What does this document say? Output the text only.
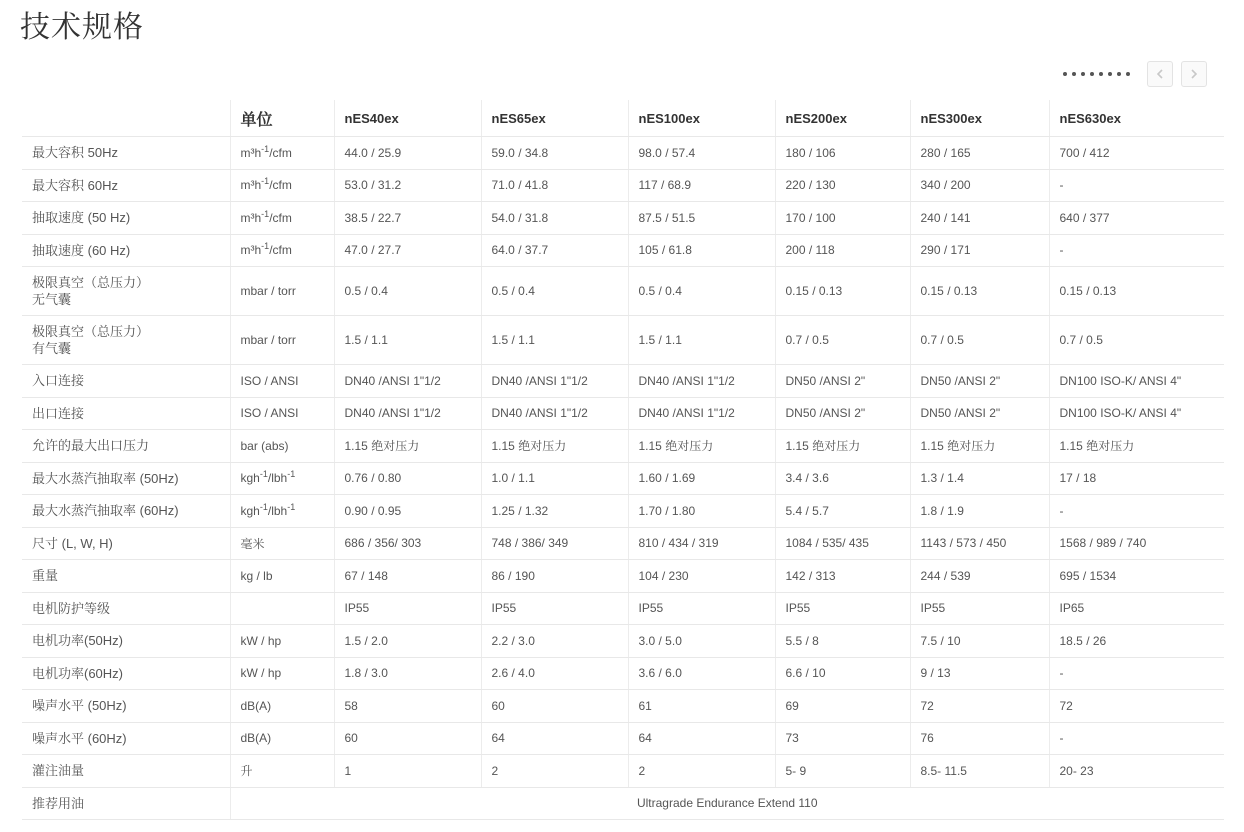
技术规格
	单位	nES40ex	nES65ex	nES100ex	nES200ex	nES300ex	nES630ex
最大容积 50Hz	$m^3h^{-1}$/cfm	44.0 / 25.9	59.0 / 34.8	98.0 / 57.4	180 / 106	280 / 165	700 / 412
最大容积 60Hz	$m^3h^{-1}$/cfm	53.0 / 31.2	71.0 / 41.8	117 / 68.9	220 / 130	340 / 200	-
抽取速度 (50 Hz)	$m^3h^{-1}$/cfm	38.5 / 22.7	54.0 / 31.8	87.5 / 51.5	170 / 100	240 / 141	640 / 377
抽取速度 (60 Hz)	$m^3h^{-1}$/cfm	47.0 / 27.7	64.0 / 37.7	105 / 61.8	200 / 118	290 / 171	-
极限真空（总压力）
无气囊	mbar / torr	0.5 / 0.4	0.5 / 0.4	0.5 / 0.4	0.15 / 0.13	0.15 / 0.13	0.15 / 0.13
极限真空（总压力）
有气囊	mbar / torr	1.5 / 1.1	1.5 / 1.1	1.5 / 1.1	0.7 / 0.5	0.7 / 0.5	0.7 / 0.5
入口连接	ISO / ANSI	DN40 /ANSI 1"1/2	DN40 /ANSI 1"1/2	DN40 /ANSI 1"1/2	DN50 /ANSI 2"	DN50 /ANSI 2"	DN100 ISO-K/ ANSI 4"
出口连接	ISO / ANSI	DN40 /ANSI 1"1/2	DN40 /ANSI 1"1/2	DN40 /ANSI 1"1/2	DN50 /ANSI 2"	DN50 /ANSI 2"	DN100 ISO-K/ ANSI 4"
允许的最大出口压力	bar (abs)	1.15 绝对压力	1.15 绝对压力	1.15 绝对压力	1.15 绝对压力	1.15 绝对压力	1.15 绝对压力
最大水蒸汽抽取率 (50Hz)	kgh$^{-1}$/lbh$^{-1}$	0.76 / 0.80	1.0 / 1.1	1.60 / 1.69	3.4 / 3.6	1.3 / 1.4	17 / 18
最大水蒸汽抽取率 (60Hz)	kgh$^{-1}$/lbh$^{-1}$	0.90 / 0.95	1.25 / 1.32	1.70 / 1.80	5.4 / 5.7	1.8 / 1.9	-
尺寸 (L, W, H)	毫米	686 / 356/ 303	748 / 386/ 349	810 / 434 / 319	1084 / 535/ 435	1143 / 573 / 450	1568 / 989 / 740
重量	kg / lb	67 / 148	86 / 190	104 / 230	142 / 313	244 / 539	695 / 1534
电机防护等级		IP55	IP55	IP55	IP55	IP55	IP65
电机功率(50Hz)	kW / hp	1.5 / 2.0	2.2 / 3.0	3.0 / 5.0	5.5 / 8	7.5 / 10	18.5 / 26
电机功率(60Hz)	kW / hp	1.8 / 3.0	2.6 / 4.0	3.6 / 6.0	6.6 / 10	9 / 13	-
噪声水平 (50Hz)	dB(A)	58	60	61	69	72	72
噪声水平 (60Hz)	dB(A)	60	64	64	73	76	-
灌注油量	升	1	2	2	5- 9	8.5- 11.5	20- 23
推荐用油	Ultragrade Endurance Extend 110						
